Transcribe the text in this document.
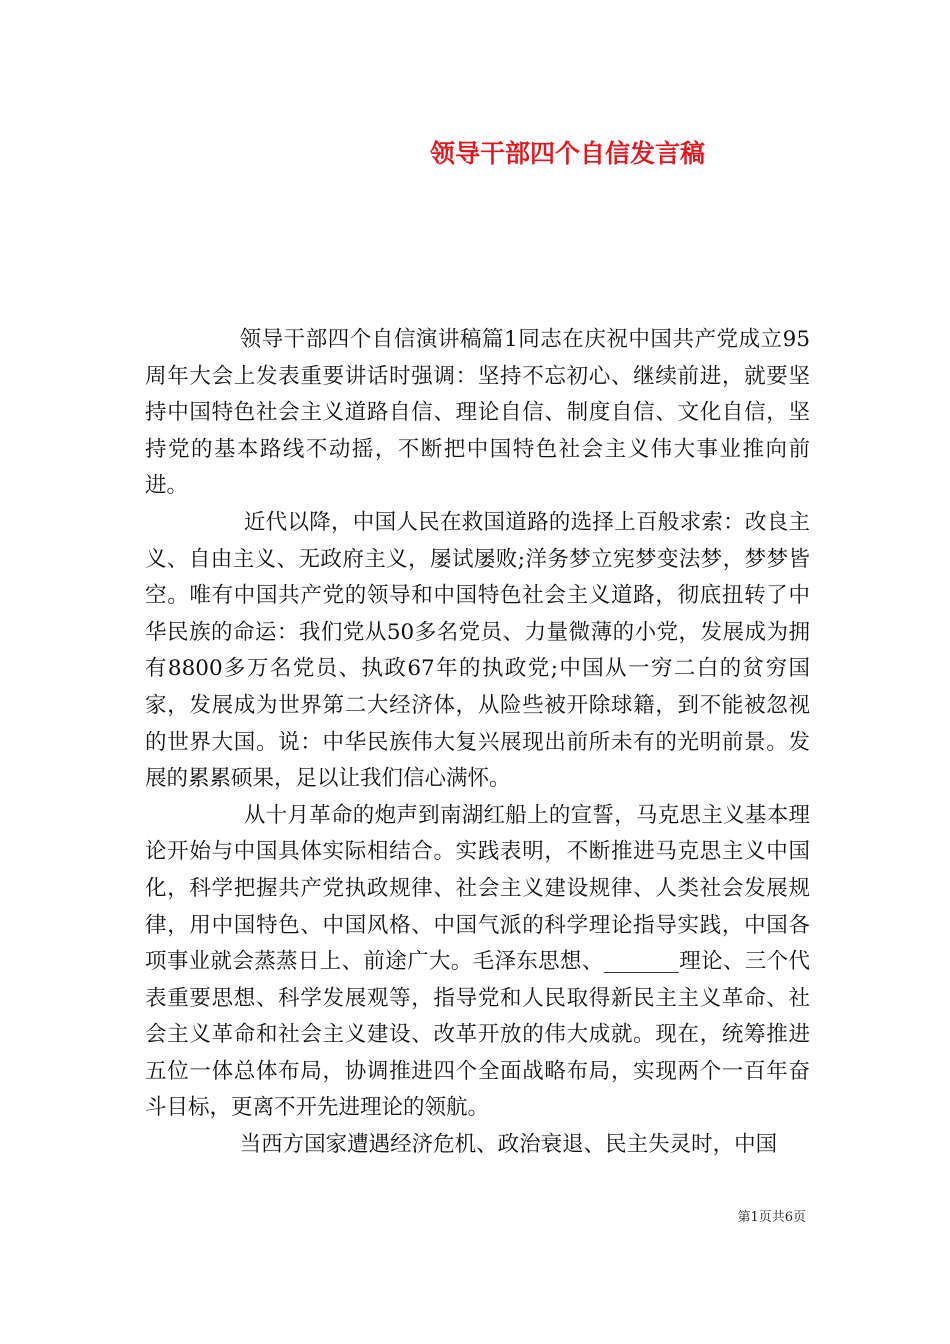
领导干部四个自信发言稿

领导干部四个自信演讲稿篇1同志在庆祝中国共产党成立95周年大会上发表重要讲话时强调：坚持不忘初心、继续前进，就要坚持中国特色社会主义道路自信、理论自信、制度自信、文化自信，坚持党的基本路线不动摇，不断把中国特色社会主义伟大事业推向前进。

近代以降，中国人民在救国道路的选择上百般求索：改良主义、自由主义、无政府主义，屡试屡败;洋务梦立宪梦变法梦，梦梦皆空。唯有中国共产党的领导和中国特色社会主义道路，彻底扭转了中华民族的命运：我们党从50多名党员、力量微薄的小党，发展成为拥有8800多万名党员、执政67年的执政党;中国从一穷二白的贫穷国家，发展成为世界第二大经济体，从险些被开除球籍，到不能被忽视的世界大国。说：中华民族伟大复兴展现出前所未有的光明前景。发展的累累硕果，足以让我们信心满怀。

从十月革命的炮声到南湖红船上的宣誓，马克思主义基本理论开始与中国具体实际相结合。实践表明，不断推进马克思主义中国化，科学把握共产党执政规律、社会主义建设规律、人类社会发展规律，用中国特色、中国风格、中国气派的科学理论指导实践，中国各项事业就会蒸蒸日上、前途广大。毛泽东思想、_______理论、三个代表重要思想、科学发展观等，指导党和人民取得新民主主义革命、社会主义革命和社会主义建设、改革开放的伟大成就。现在，统筹推进五位一体总体布局，协调推进四个全面战略布局，实现两个一百年奋斗目标，更离不开先进理论的领航。

当西方国家遭遇经济危机、政治衰退、民主失灵时，中国

第1页共6页
